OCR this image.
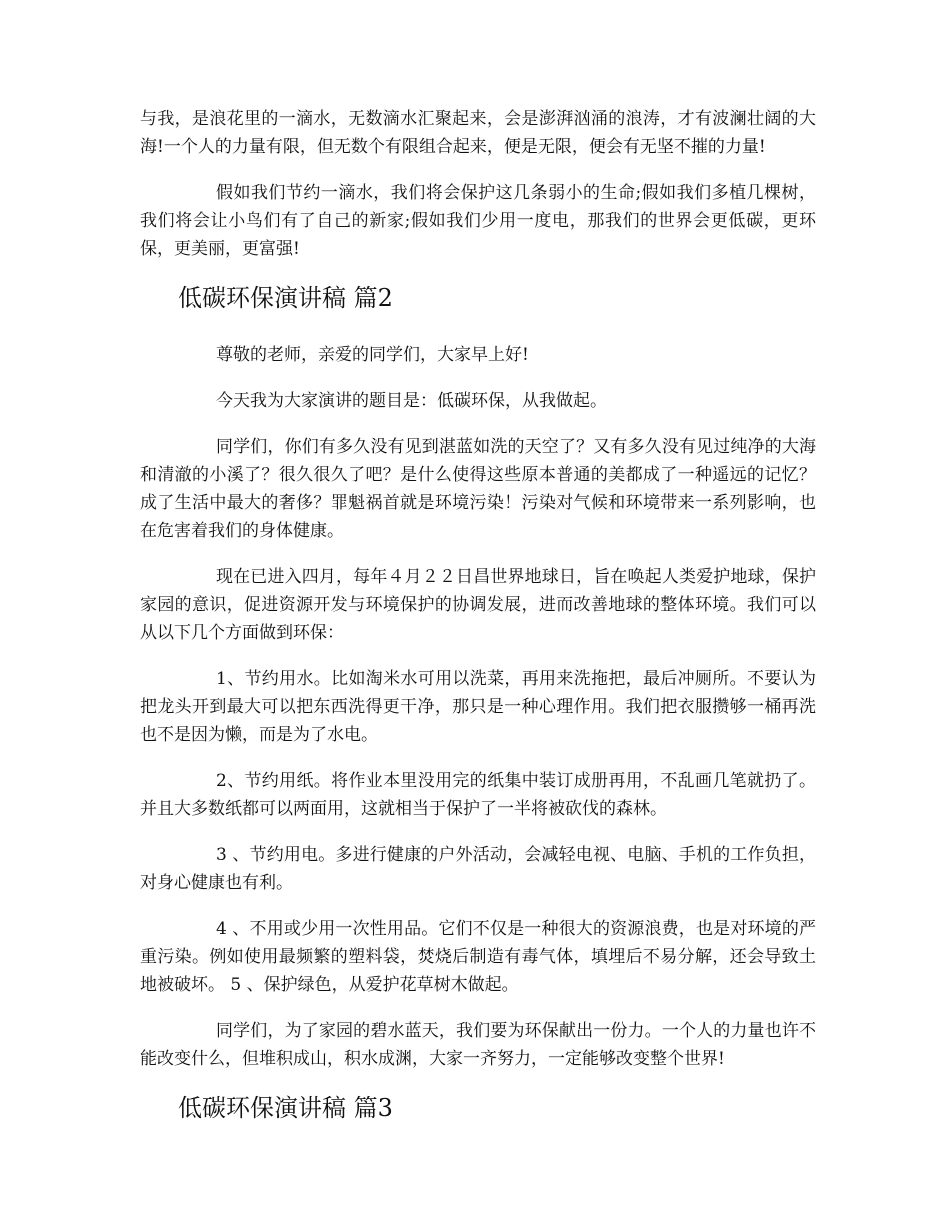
与我，是浪花里的一滴水，无数滴水汇聚起来，会是澎湃汹涌的浪涛，才有波澜壮阔的大海!一个人的力量有限，但无数个有限组合起来，便是无限，便会有无坚不摧的力量!

假如我们节约一滴水，我们将会保护这几条弱小的生命;假如我们多植几棵树，我们将会让小鸟们有了自己的新家;假如我们少用一度电，那我们的世界会更低碳，更环保，更美丽，更富强!

低碳环保演讲稿 篇2

尊敬的老师，亲爱的同学们，大家早上好!

今天我为大家演讲的题目是：低碳环保，从我做起。

同学们，你们有多久没有见到湛蓝如洗的天空了？又有多久没有见过纯净的大海和清澈的小溪了？很久很久了吧？是什么使得这些原本普通的美都成了一种遥远的记忆？成了生活中最大的奢侈？罪魁祸首就是环境污染！污染对气候和环境带来一系列影响，也在危害着我们的身体健康。

现在已进入四月，每年４月２２日昌世界地球日，旨在唤起人类爱护地球，保护家园的意识，促进资源开发与环境保护的协调发展，进而改善地球的整体环境。我们可以从以下几个方面做到环保：

1、节约用水。比如淘米水可用以洗菜，再用来洗拖把，最后冲厕所。不要认为把龙头开到最大可以把东西洗得更干净，那只是一种心理作用。我们把衣服攒够一桶再洗也不是因为懒，而是为了水电。

2、节约用纸。将作业本里没用完的纸集中装订成册再用，不乱画几笔就扔了。并且大多数纸都可以两面用，这就相当于保护了一半将被砍伐的森林。

3 、节约用电。多进行健康的户外活动，会减轻电视、电脑、手机的工作负担，对身心健康也有利。

4 、不用或少用一次性用品。它们不仅是一种很大的资源浪费，也是对环境的严重污染。例如使用最频繁的塑料袋，焚烧后制造有毒气体，填埋后不易分解，还会导致土地被破坏。 5 、保护绿色，从爱护花草树木做起。

同学们，为了家园的碧水蓝天，我们要为环保献出一份力。一个人的力量也许不能改变什么，但堆积成山，积水成渊，大家一齐努力，一定能够改变整个世界!

低碳环保演讲稿 篇3
